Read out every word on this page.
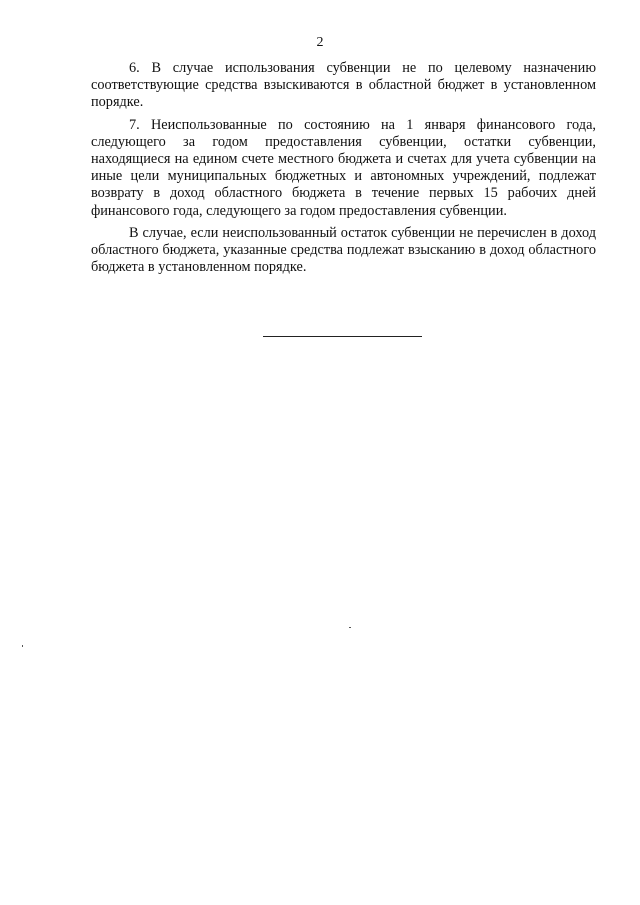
2

6. В случае использования субвенции не по целевому назначению соответствующие средства взыскиваются в областной бюджет в установленном порядке.

7. Неиспользованные по состоянию на 1 января финансового года, следующего за годом предоставления субвенции, остатки субвенции, находящиеся на едином счете местного бюджета и счетах для учета субвенции на иные цели муниципальных бюджетных и автономных учреждений, подлежат возврату в доход областного бюджета в течение первых 15 рабочих дней финансового года, следующего за годом предоставления субвенции.

В случае, если неиспользованный остаток субвенции не перечислен в доход областного бюджета, указанные средства подлежат взысканию в доход областного бюджета в установленном порядке.
